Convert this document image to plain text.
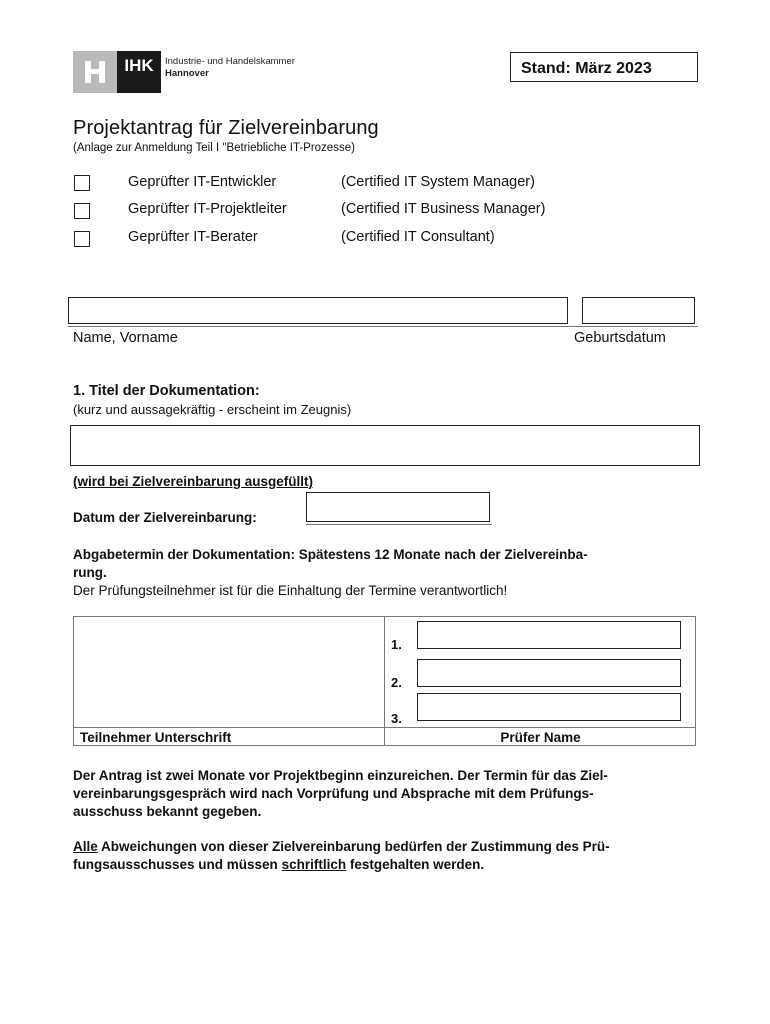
IHK	Industrie- und Handelskammer
Hannover	Stand: März 2023
Projektantrag für Zielvereinbarung
(Anlage zur Anmeldung Teil I "Betriebliche IT-Prozesse)
Geprüfter IT-Entwickler	(Certified IT System Manager)
Geprüfter IT-Projektleiter	(Certified IT Business Manager)
Geprüfter IT-Berater	(Certified IT Consultant)
Name, Vorname	Geburtsdatum
1. Titel der Dokumentation:
(kurz und aussagekräftig - erscheint im Zeugnis)
(wird bei Zielvereinbarung ausgefüllt)
Datum der Zielvereinbarung:
Abgabetermin der Dokumentation: Spätestens 12 Monate nach der Zielvereinba-
rung.
Der Prüfungsteilnehmer ist für die Einhaltung der Termine verantwortlich!
1.
2.
3.
Teilnehmer Unterschrift	Prüfer Name
Der Antrag ist zwei Monate vor Projektbeginn einzureichen. Der Termin für das Ziel-
vereinbarungsgespräch wird nach Vorprüfung und Absprache mit dem Prüfungs-
ausschuss bekannt gegeben.
Alle Abweichungen von dieser Zielvereinbarung bedürfen der Zustimmung des Prü-
fungsausschusses und müssen schriftlich festgehalten werden.
